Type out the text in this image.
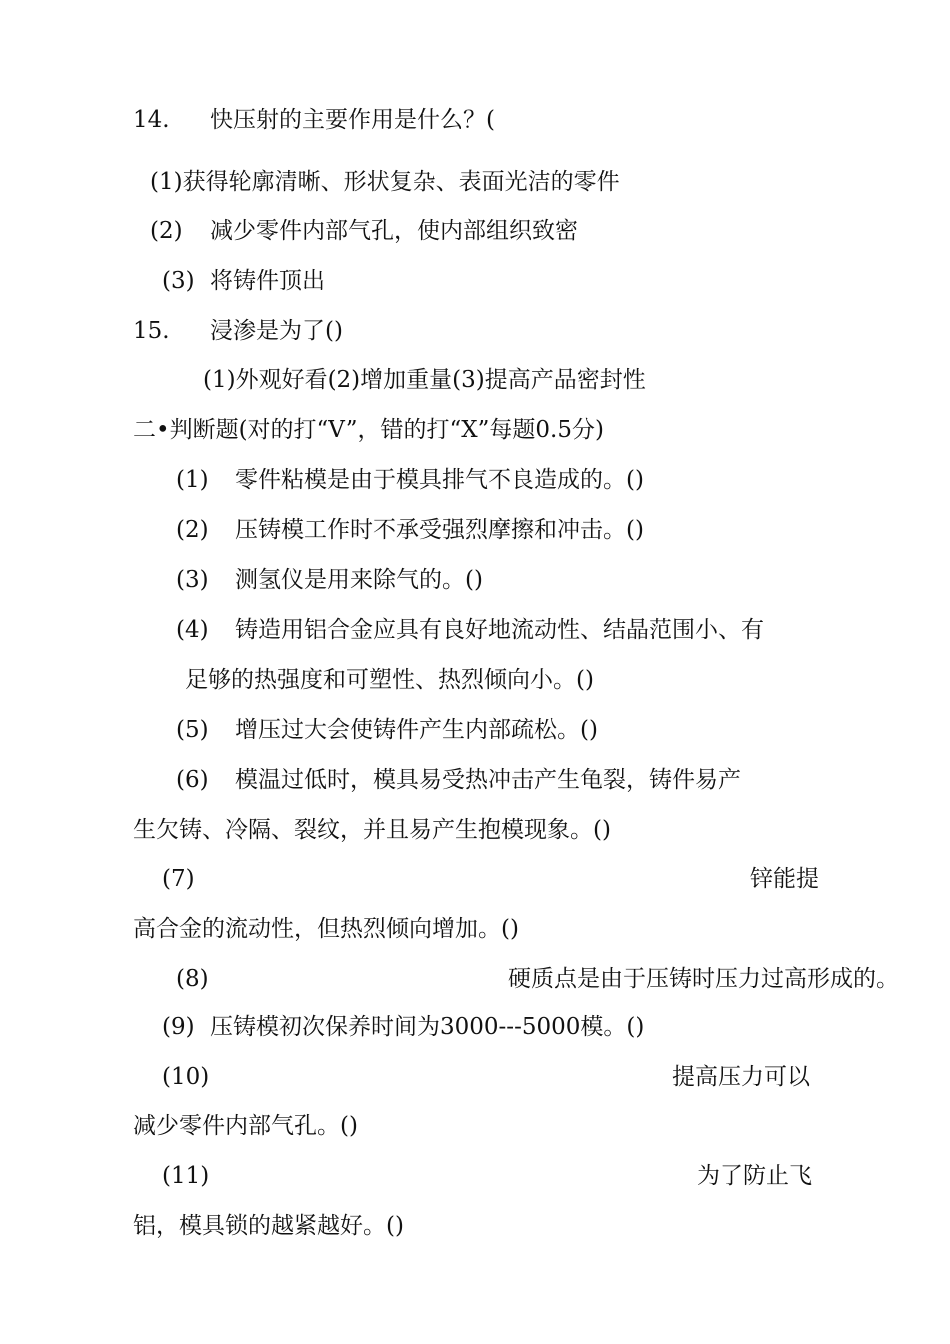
14. 快压射的主要作用是什么？(
(1)获得轮廓清晰、形状复杂、表面光洁的零件
(2) 减少零件内部气孔，使内部组织致密
(3) 将铸件顶出
15. 浸渗是为了()
(1)外观好看(2)增加重量(3)提高产品密封性
二•判断题(对的打“V”，错的打“X”每题0.5分)
(1) 零件粘模是由于模具排气不良造成的。()
(2) 压铸模工作时不承受强烈摩擦和冲击。()
(3) 测氢仪是用来除气的。()
(4) 铸造用铝合金应具有良好地流动性、结晶范围小、有
足够的热强度和可塑性、热烈倾向小。()
(5) 增压过大会使铸件产生内部疏松。()
(6) 模温过低时，模具易受热冲击产生龟裂，铸件易产
生欠铸、冷隔、裂纹，并且易产生抱模现象。()
(7)	锌能提
高合金的流动性，但热烈倾向增加。()
(8)	硬质点是由于压铸时压力过高形成的。
(9) 压铸模初次保养时间为3000---5000模。()
(10)	提高压力可以
减少零件内部气孔。()
(11)	为了防止飞
铝，模具锁的越紧越好。()
